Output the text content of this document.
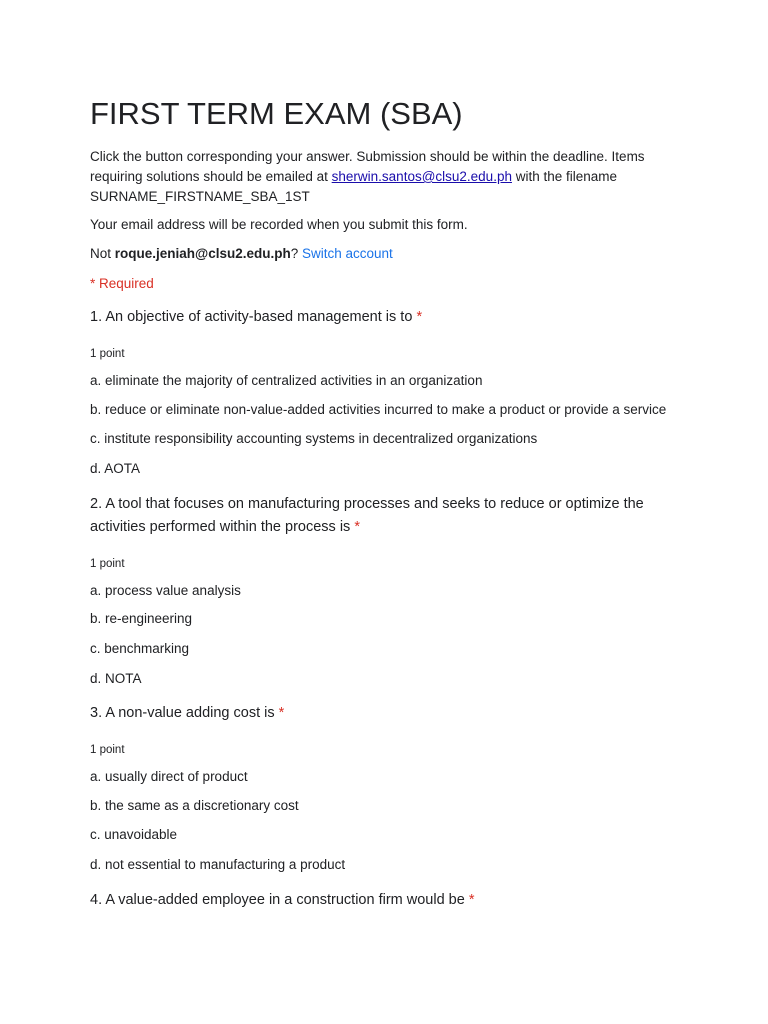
FIRST TERM EXAM (SBA)

Click the button corresponding your answer. Submission should be within the deadline. Items requiring solutions should be emailed at sherwin.santos@clsu2.edu.ph with the filename SURNAME_FIRSTNAME_SBA_1ST

Your email address will be recorded when you submit this form.

Not roque.jeniah@clsu2.edu.ph? Switch account

* Required

1. An objective of activity-based management is to *
1 point
a. eliminate the majority of centralized activities in an organization
b. reduce or eliminate non-value-added activities incurred to make a product or provide a service
c. institute responsibility accounting systems in decentralized organizations
d. AOTA
2. A tool that focuses on manufacturing processes and seeks to reduce or optimize the activities performed within the process is *
1 point
a. process value analysis
b. re-engineering
c. benchmarking
d. NOTA
3. A non-value adding cost is *
1 point
a. usually direct of product
b. the same as a discretionary cost
c. unavoidable
d. not essential to manufacturing a product
4. A value-added employee in a construction firm would be *
